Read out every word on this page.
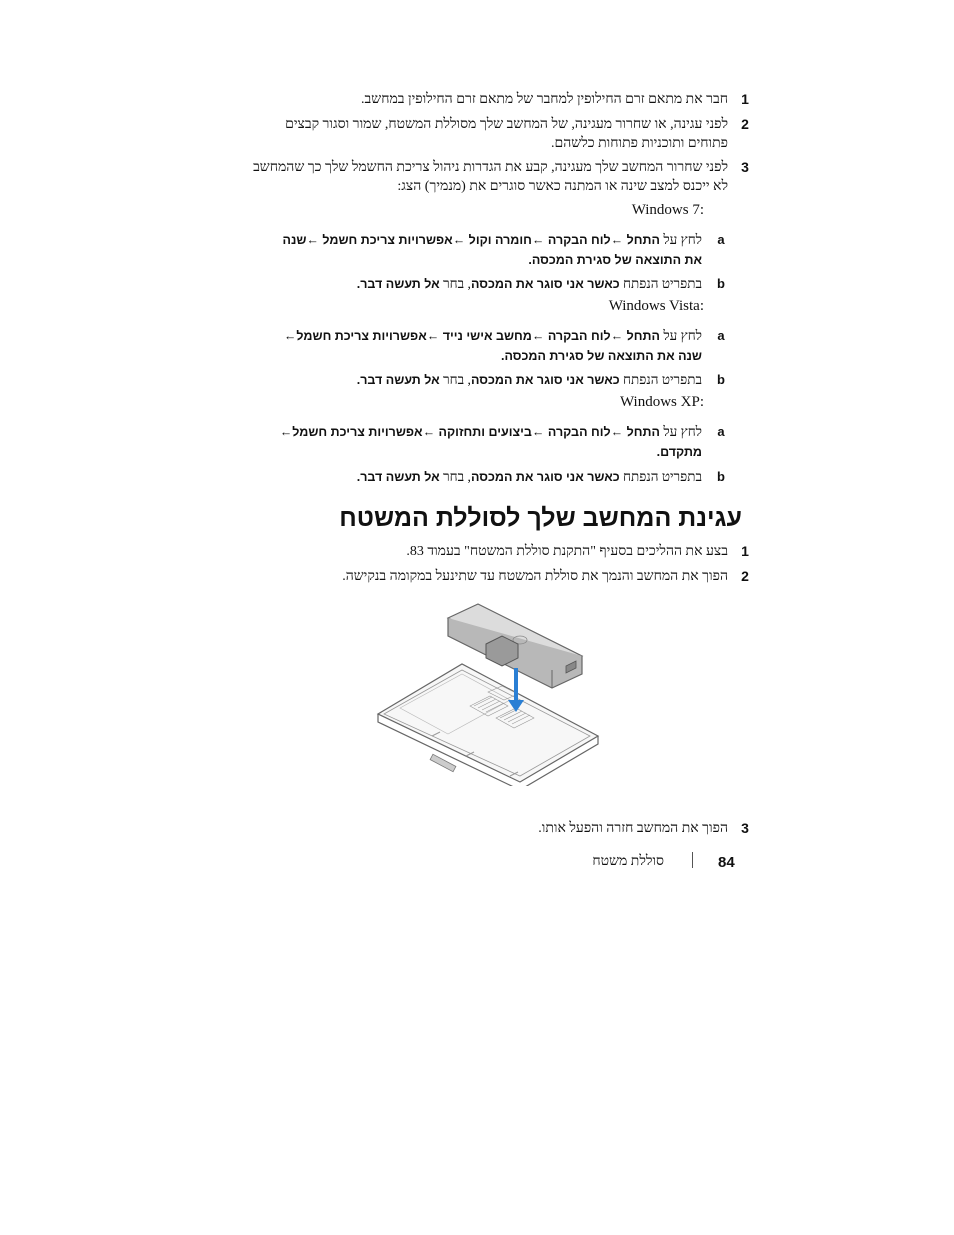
1
חבר את מתאם זרם החילופין למחבר של מתאם זרם החילופין במחשב.
2
לפני עגינה, או שחרור מעגינה, של המחשב שלך מסוללת המשטח, שמור וסגור קבצים
פתוחים ותוכניות פתוחות כלשהם.
3
לפני שחרור המחשב שלך מעגינה, קבע את הגדרות ניהול צריכת החשמל שלך כך שהמחשב
לא ייכנס למצב שינה או המתנה כאשר סוגרים את (מנמיך) הצג:
Windows 7:
a
לחץ על התחל ←לוח הבקרה ←חומרה וקול ←אפשרויות צריכת חשמל ←שנה
את התוצאה של סגירת המכסה.
b
בתפריט הנפתח כאשר אני סוגר את המכסה, בחר אל תעשה דבר.
Windows Vista:
a
לחץ על התחל ←לוח הבקרה ←מחשב אישי נייד ←אפשרויות צריכת חשמל←
שנה את התוצאה של סגירת המכסה.
b
בתפריט הנפתח כאשר אני סוגר את המכסה, בחר אל תעשה דבר.
Windows XP:
a
לחץ על התחל ←לוח הבקרה ←ביצועים ותחזוקה ←אפשרויות צריכת חשמל←
מתקדם.
b
בתפריט הנפתח כאשר אני סוגר את המכסה, בחר אל תעשה דבר.
עגינת המחשב שלך לסוללת המשטח
1
בצע את ההליכים בסעיף "התקנת סוללת המשטח" בעמוד 83.
2
הפוך את המחשב והנמך את סוללת המשטח עד שתינעל במקומה בנקישה.
3
הפוך את המחשב חזרה והפעל אותו.
84
סוללת משטח
